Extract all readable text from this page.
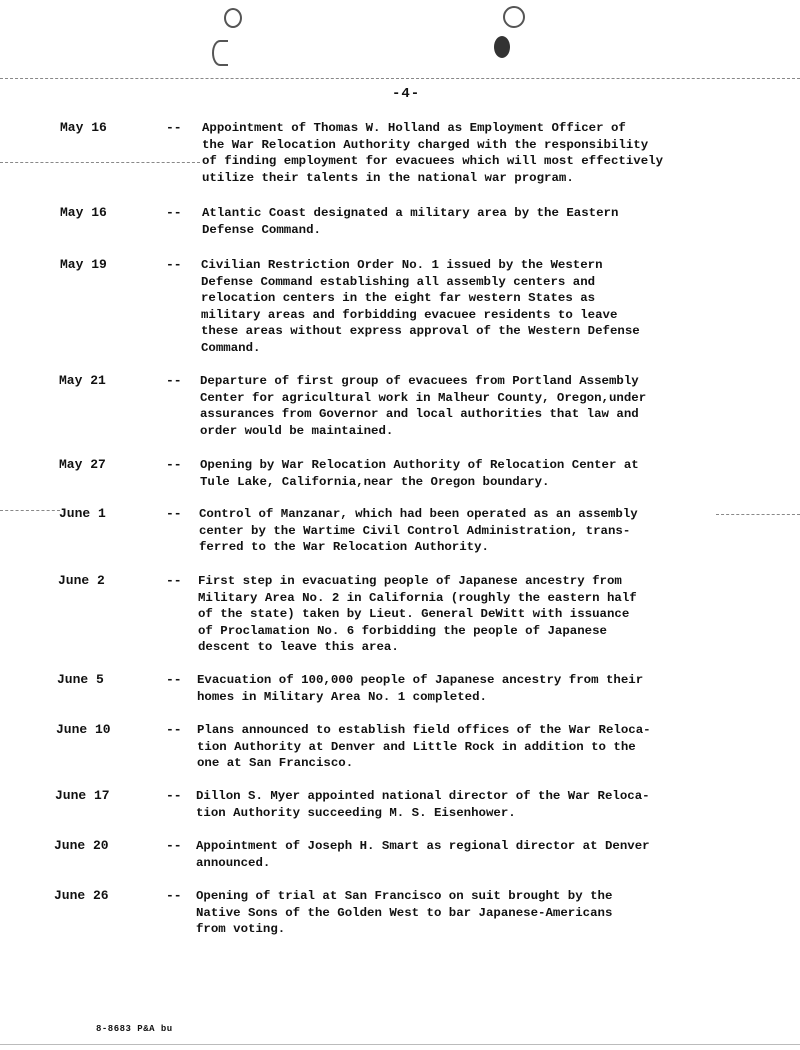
-4-
May 16	-- Appointment of Thomas W. Holland as Employment Officer of
the War Relocation Authority charged with the responsibility
of finding employment for evacuees which will most effectively
utilize their talents in the national war program.
May 16	-- Atlantic Coast designated a military area by the Eastern
Defense Command.
May 19	-- Civilian Restriction Order No. 1 issued by the Western
Defense Command establishing all assembly centers and
relocation centers in the eight far western States as
military areas and forbidding evacuee residents to leave
these areas without express approval of the Western Defense
Command.
May 21	-- Departure of first group of evacuees from Portland Assembly
Center for agricultural work in Malheur County, Oregon,under
assurances from Governor and local authorities that law and
order would be maintained.
May 27	-- Opening by War Relocation Authority of Relocation Center at
Tule Lake, California,near the Oregon boundary.
June 1	-- Control of Manzanar, which had been operated as an assembly
center by the Wartime Civil Control Administration, trans-
ferred to the War Relocation Authority.
June 2	-- First step in evacuating people of Japanese ancestry from
Military Area No. 2 in California (roughly the eastern half
of the state) taken by Lieut. General DeWitt with issuance
of Proclamation No. 6 forbidding the people of Japanese
descent to leave this area.
June 5	-- Evacuation of 100,000 people of Japanese ancestry from their
homes in Military Area No. 1 completed.
June 10	-- Plans announced to establish field offices of the War Reloca-
tion Authority at Denver and Little Rock in addition to the
one at San Francisco.
June 17	-- Dillon S. Myer appointed national director of the War Reloca-
tion Authority succeeding M. S. Eisenhower.
June 20	-- Appointment of Joseph H. Smart as regional director at Denver
announced.
June 26	-- Opening of trial at San Francisco on suit brought by the
Native Sons of the Golden West to bar Japanese-Americans
from voting.
8-8683 P&A bu
